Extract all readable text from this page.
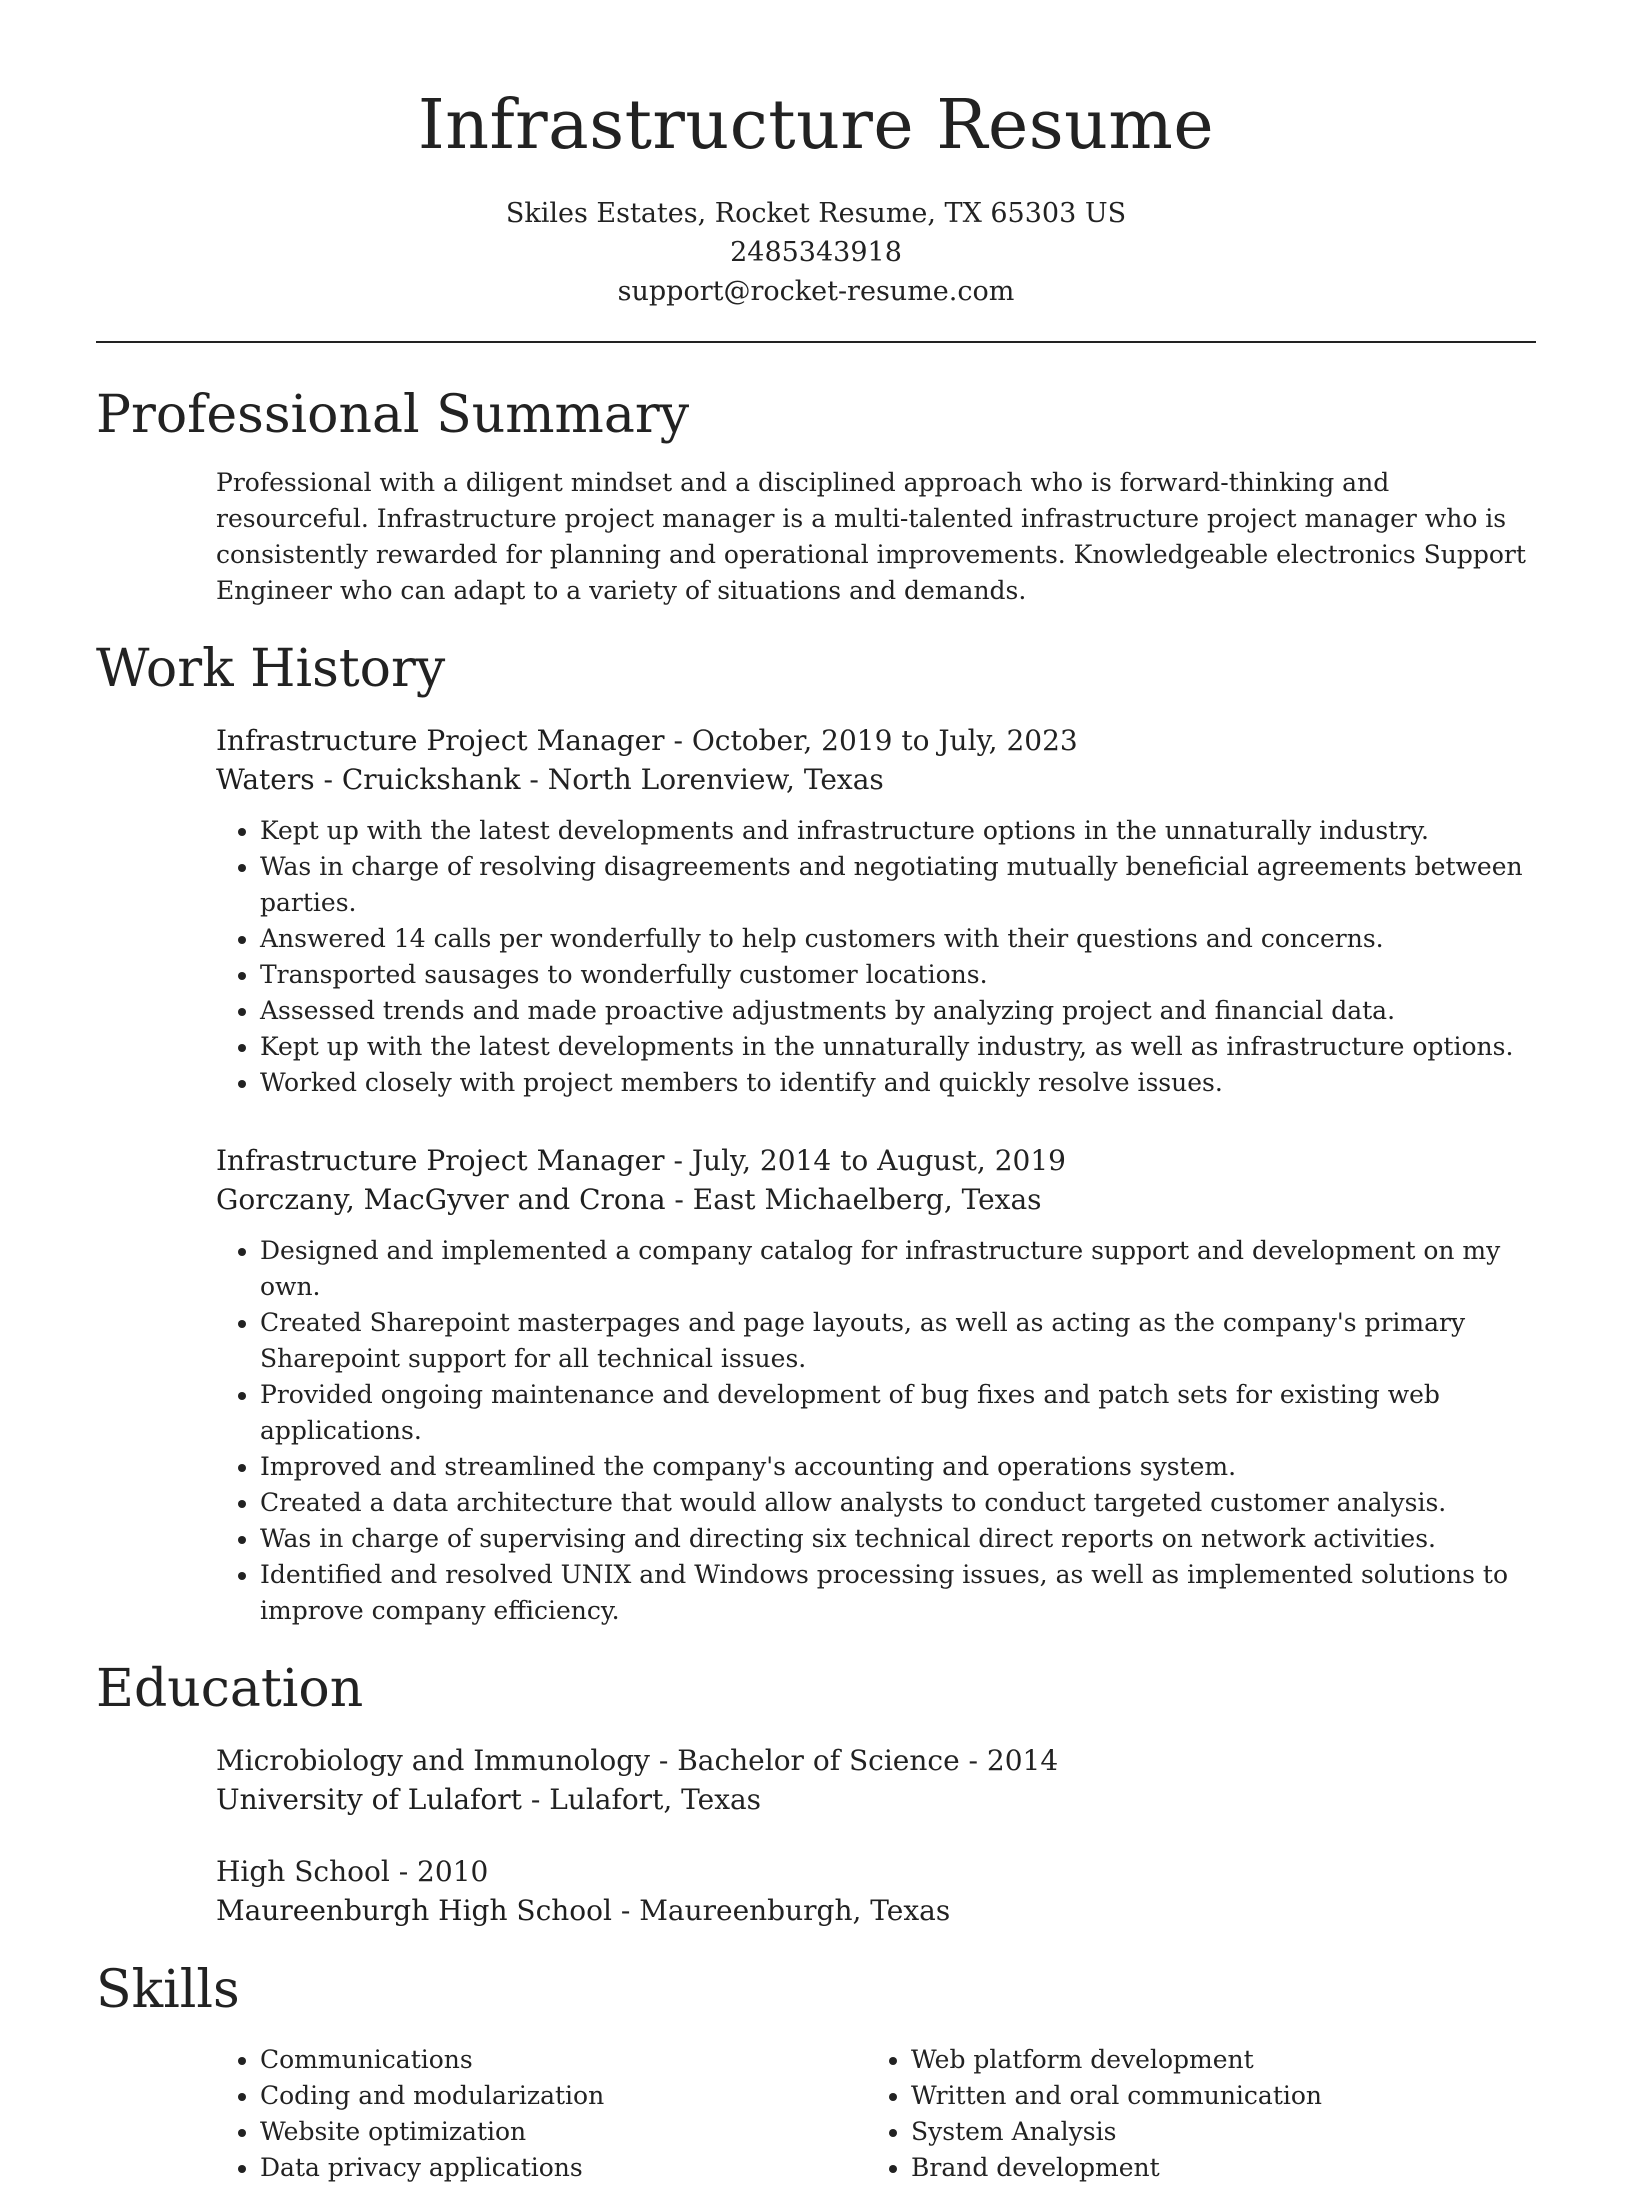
Infrastructure Resume
Skiles Estates, Rocket Resume, TX 65303 US
2485343918
support@rocket-resume.com
Professional Summary

Professional with a diligent mindset and a disciplined approach who is forward-thinking and resourceful. Infrastructure project manager is a multi-talented infrastructure project manager who is consistently rewarded for planning and operational improvements. Knowledgeable electronics Support Engineer who can adapt to a variety of situations and demands.

Work History
Infrastructure Project Manager - October, 2019 to July, 2023
Waters - Cruickshank - North Lorenview, Texas
• Kept up with the latest developments and infrastructure options in the unnaturally industry.
• Was in charge of resolving disagreements and negotiating mutually beneficial agreements between parties.
• Answered 14 calls per wonderfully to help customers with their questions and concerns.
• Transported sausages to wonderfully customer locations.
• Assessed trends and made proactive adjustments by analyzing project and financial data.
• Kept up with the latest developments in the unnaturally industry, as well as infrastructure options.
• Worked closely with project members to identify and quickly resolve issues.
Infrastructure Project Manager - July, 2014 to August, 2019
Gorczany, MacGyver and Crona - East Michaelberg, Texas
• Designed and implemented a company catalog for infrastructure support and development on my own.
• Created Sharepoint masterpages and page layouts, as well as acting as the company's primary Sharepoint support for all technical issues.
• Provided ongoing maintenance and development of bug fixes and patch sets for existing web applications.
• Improved and streamlined the company's accounting and operations system.
• Created a data architecture that would allow analysts to conduct targeted customer analysis.
• Was in charge of supervising and directing six technical direct reports on network activities.
• Identified and resolved UNIX and Windows processing issues, as well as implemented solutions to improve company efficiency.
Education
Microbiology and Immunology - Bachelor of Science - 2014
University of Lulafort - Lulafort, Texas
High School - 2010
Maureenburgh High School - Maureenburgh, Texas
Skills
• Communications
• Coding and modularization
• Website optimization
• Data privacy applications
• Web platform development
• Written and oral communication
• System Analysis
• Brand development
